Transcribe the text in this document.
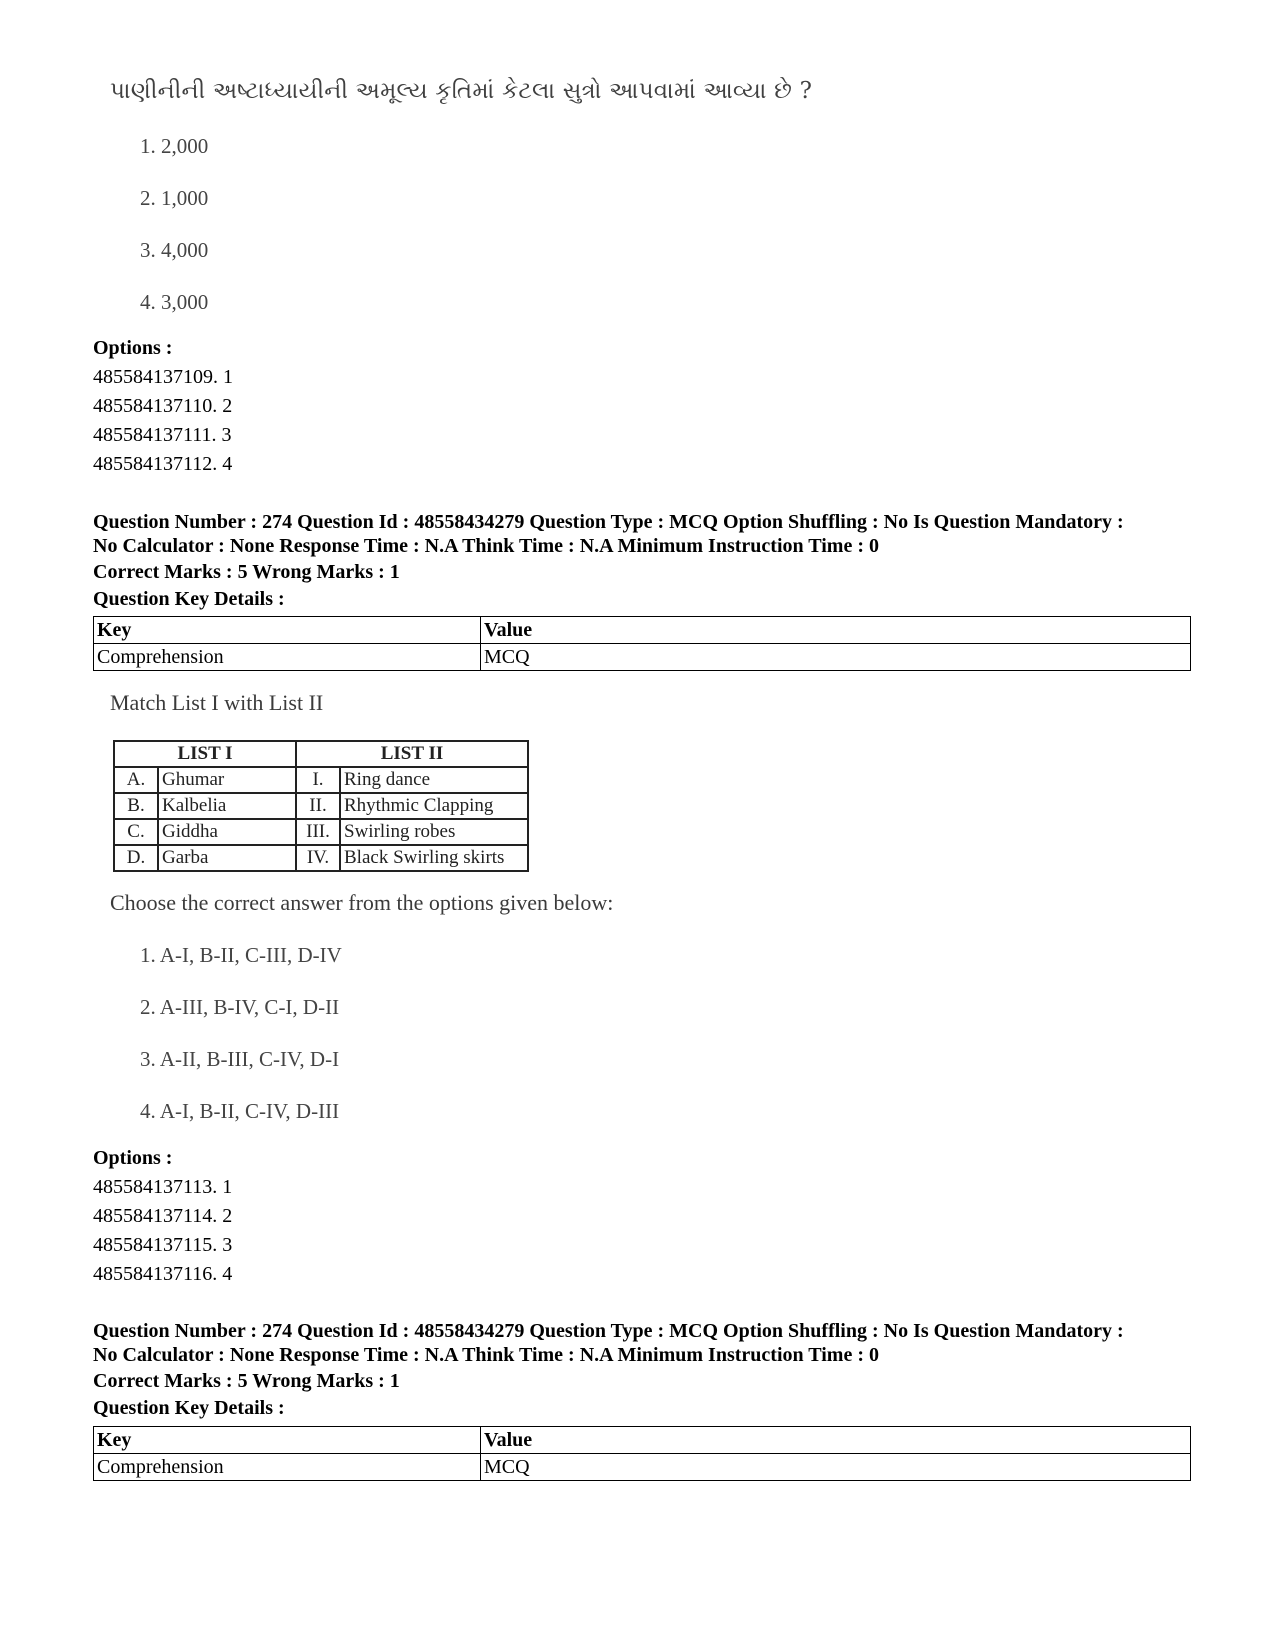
પાણીનીની અષ્ટાધ્યાયીની અમૂલ્ય કૃતિમાં કેટલા સુત્રો આપવામાં આવ્યા છે ?
1. 2,000
2. 1,000
3. 4,000
4. 3,000
Options :
485584137109. 1
485584137110. 2
485584137111. 3
485584137112. 4
Question Number : 274 Question Id : 48558434279 Question Type : MCQ Option Shuffling : No Is Question Mandatory :
No Calculator : None Response Time : N.A Think Time : N.A Minimum Instruction Time : 0
Correct Marks : 5 Wrong Marks : 1
Question Key Details :
Key	Value
Comprehension	MCQ
Match List I with List II
LIST I		LIST II	
A.	Ghumar	I.	Ring dance
B.	Kalbelia	II.	Rhythmic Clapping
C.	Giddha	III.	Swirling robes
D.	Garba	IV.	Black Swirling skirts
Choose the correct answer from the options given below:
1. A-I, B-II, C-III, D-IV
2. A-III, B-IV, C-I, D-II
3. A-II, B-III, C-IV, D-I
4. A-I, B-II, C-IV, D-III
Options :
485584137113. 1
485584137114. 2
485584137115. 3
485584137116. 4
Question Number : 274 Question Id : 48558434279 Question Type : MCQ Option Shuffling : No Is Question Mandatory :
No Calculator : None Response Time : N.A Think Time : N.A Minimum Instruction Time : 0
Correct Marks : 5 Wrong Marks : 1
Question Key Details :
Key	Value
Comprehension	MCQ
